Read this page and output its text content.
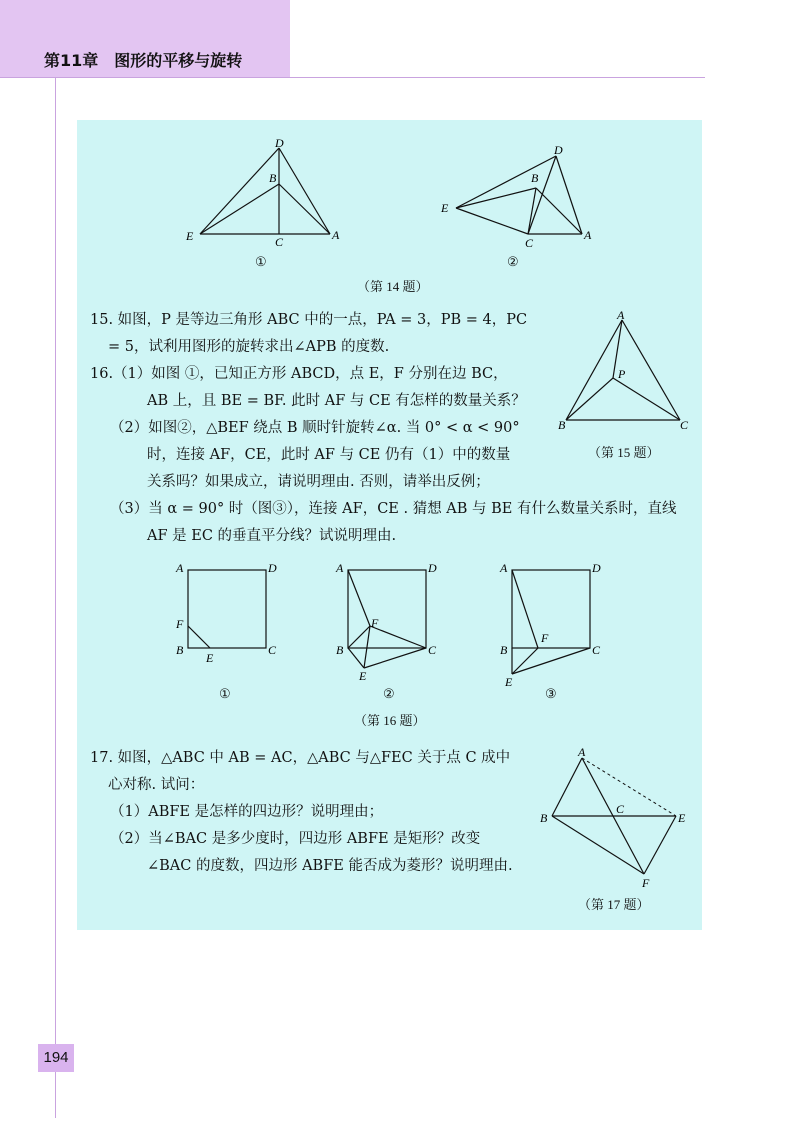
第11章　图形的平移与旋转
D
B
E	C	A
①
D
B
E
C
A
②
（第 14 题）
15. 如图，P 是等边三角形 ABC 中的一点，PA = 3，PB = 4，PC
= 5，试利用图形的旋转求出∠APB 的度数.
A
P
B	C
（第 15 题）
16.（1）如图 ①，已知正方形 ABCD，点 E，F 分别在边 BC，
AB 上，且 BE = BF. 此时 AF 与 CE 有怎样的数量关系？
（2）如图②，△BEF 绕点 B 顺时针旋转∠α. 当 0° < α < 90°
时，连接 AF，CE，此时 AF 与 CE 仍有（1）中的数量
关系吗？如果成立，请说明理由. 否则，请举出反例；
（3）当 α = 90° 时（图③），连接 AF，CE . 猜想 AB 与 BE 有什么数量关系时，直线
AF 是 EC 的垂直平分线？试说明理由.
A	D
F
B
E
C
①
A	D
F
B	C
E
②
A	D
F
B	C
E
③
（第 16 题）
17. 如图，△ABC 中 AB = AC，△ABC 与△FEC 关于点 C 成中
心对称. 试问：
（1）ABFE 是怎样的四边形？说明理由；
（2）当∠BAC 是多少度时，四边形 ABFE 是矩形？改变
∠BAC 的度数，四边形 ABFE 能否成为菱形？说明理由.
A
B
C
E
F
（第 17 题）
194
